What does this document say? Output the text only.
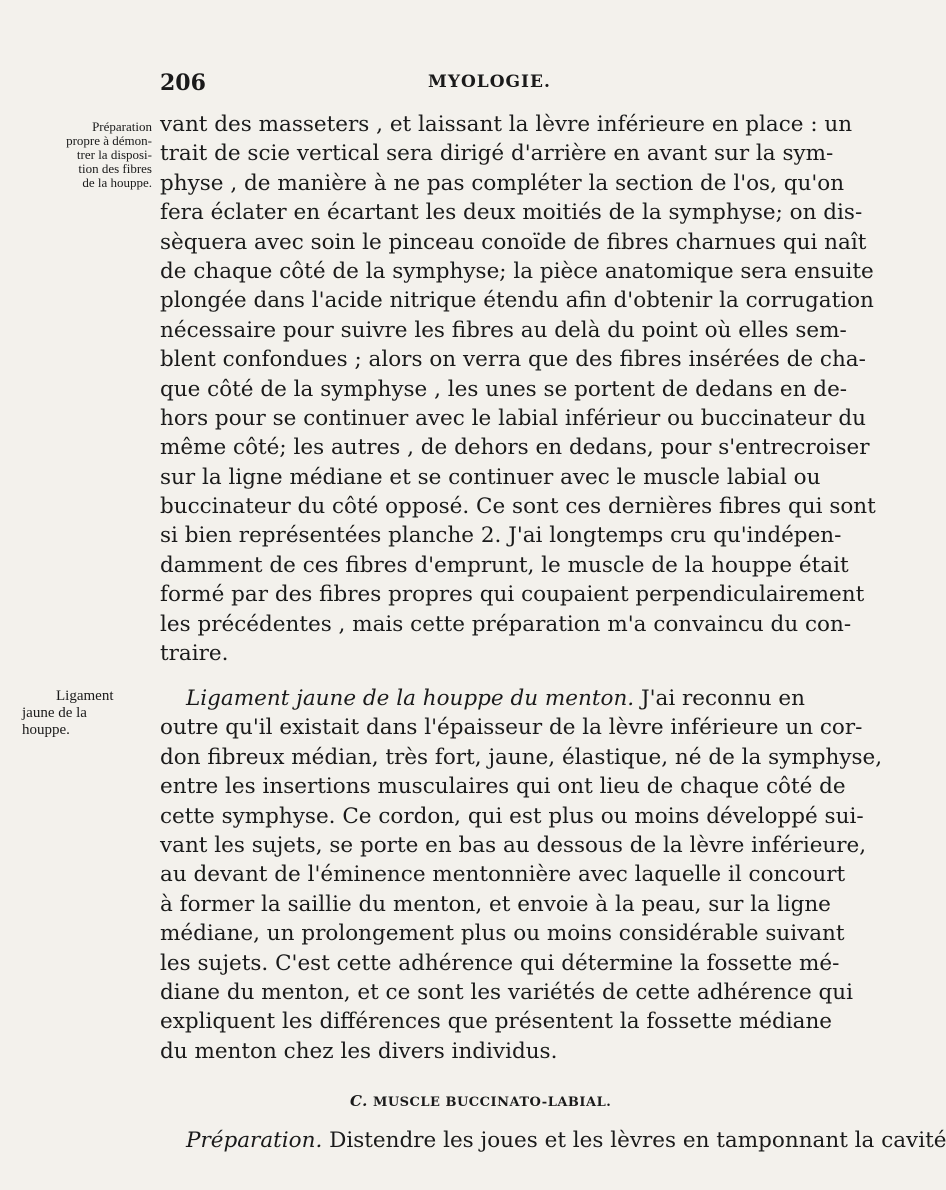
206	MYOLOGIE.
Préparation
propre à démon-
trer la disposi-
tion des fibres
de la houppe.
Ligament
jaune de la
houppe.
vant des masseters , et laissant la lèvre inférieure en place : un
trait de scie vertical sera dirigé d'arrière en avant sur la sym-
physe , de manière à ne pas compléter la section de l'os, qu'on
fera éclater en écartant les deux moitiés de la symphyse; on dis-
sèquera avec soin le pinceau conoïde de fibres charnues qui naît
de chaque côté de la symphyse; la pièce anatomique sera ensuite
plongée dans l'acide nitrique étendu afin d'obtenir la corrugation
nécessaire pour suivre les fibres au delà du point où elles sem-
blent confondues ; alors on verra que des fibres insérées de cha-
que côté de la symphyse , les unes se portent de dedans en de-
hors pour se continuer avec le labial inférieur ou buccinateur du
même côté; les autres , de dehors en dedans, pour s'entrecroiser
sur la ligne médiane et se continuer avec le muscle labial ou
buccinateur du côté opposé. Ce sont ces dernières fibres qui sont
si bien représentées planche 2. J'ai longtemps cru qu'indépen-
damment de ces fibres d'emprunt, le muscle de la houppe était
formé par des fibres propres qui coupaient perpendiculairement
les précédentes , mais cette préparation m'a convaincu du con-
traire.
Ligament jaune de la houppe du menton. J'ai reconnu en
outre qu'il existait dans l'épaisseur de la lèvre inférieure un cor-
don fibreux médian, très fort, jaune, élastique, né de la symphyse,
entre les insertions musculaires qui ont lieu de chaque côté de
cette symphyse. Ce cordon, qui est plus ou moins développé sui-
vant les sujets, se porte en bas au dessous de la lèvre inférieure,
au devant de l'éminence mentonnière avec laquelle il concourt
à former la saillie du menton, et envoie à la peau, sur la ligne
médiane, un prolongement plus ou moins considérable suivant
les sujets. C'est cette adhérence qui détermine la fossette mé-
diane du menton, et ce sont les variétés de cette adhérence qui
expliquent les différences que présentent la fossette médiane
du menton chez les divers individus.
C. MUSCLE BUCCINATO-LABIAL.
Préparation. Distendre les joues et les lèvres en tamponnant la cavité
